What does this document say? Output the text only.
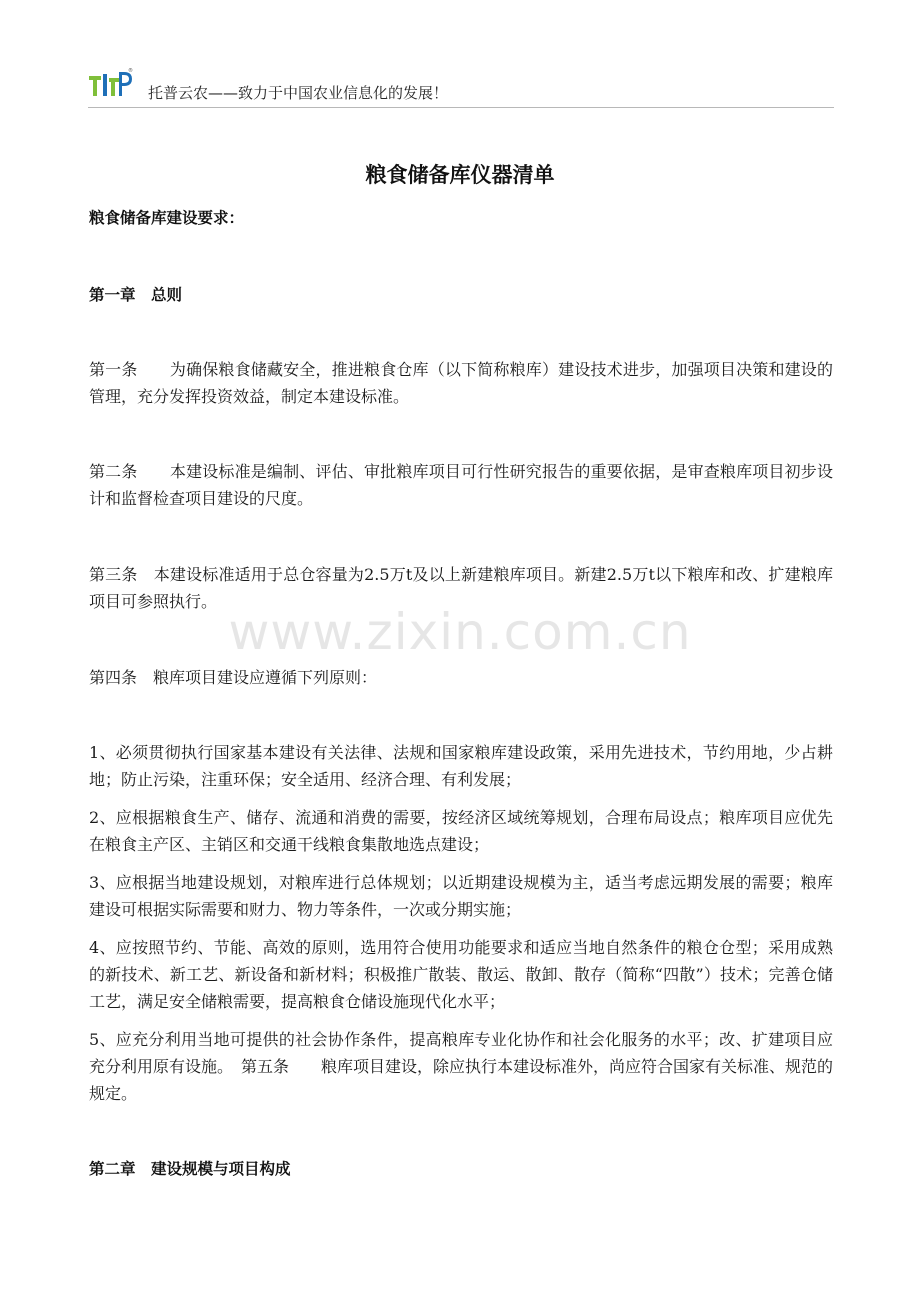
®
托普云农——致力于中国农业信息化的发展！
粮食储备库仪器清单
粮食储备库建设要求：
第一章　总则
第一条　　为确保粮食储藏安全，推进粮食仓库（以下简称粮库）建设技术进步，加强项目决策和建设的管理，充分发挥投资效益，制定本建设标准。
第二条　　本建设标准是编制、评估、审批粮库项目可行性研究报告的重要依据，是审查粮库项目初步设计和监督检查项目建设的尺度。
第三条　本建设标准适用于总仓容量为2.5万t及以上新建粮库项目。新建2.5万t以下粮库和改、扩建粮库项目可参照执行。
第四条　粮库项目建设应遵循下列原则：
1、必须贯彻执行国家基本建设有关法律、法规和国家粮库建设政策，采用先进技术，节约用地，少占耕地；防止污染，注重环保；安全适用、经济合理、有利发展；
2、应根据粮食生产、储存、流通和消费的需要，按经济区域统筹规划，合理布局设点；粮库项目应优先在粮食主产区、主销区和交通干线粮食集散地选点建设；
3、应根据当地建设规划，对粮库进行总体规划；以近期建设规模为主，适当考虑远期发展的需要；粮库建设可根据实际需要和财力、物力等条件，一次或分期实施；
4、应按照节约、节能、高效的原则，选用符合使用功能要求和适应当地自然条件的粮仓仓型；采用成熟的新技术、新工艺、新设备和新材料；积极推广散装、散运、散卸、散存（简称“四散”）技术；完善仓储工艺，满足安全储粮需要，提高粮食仓储设施现代化水平；
5、应充分利用当地可提供的社会协作条件，提高粮库专业化协作和社会化服务的水平；改、扩建项目应充分利用原有设施。　第五条　　粮库项目建设，除应执行本建设标准外，尚应符合国家有关标准、规范的规定。
第二章　建设规模与项目构成
www.zixin.com.cn
